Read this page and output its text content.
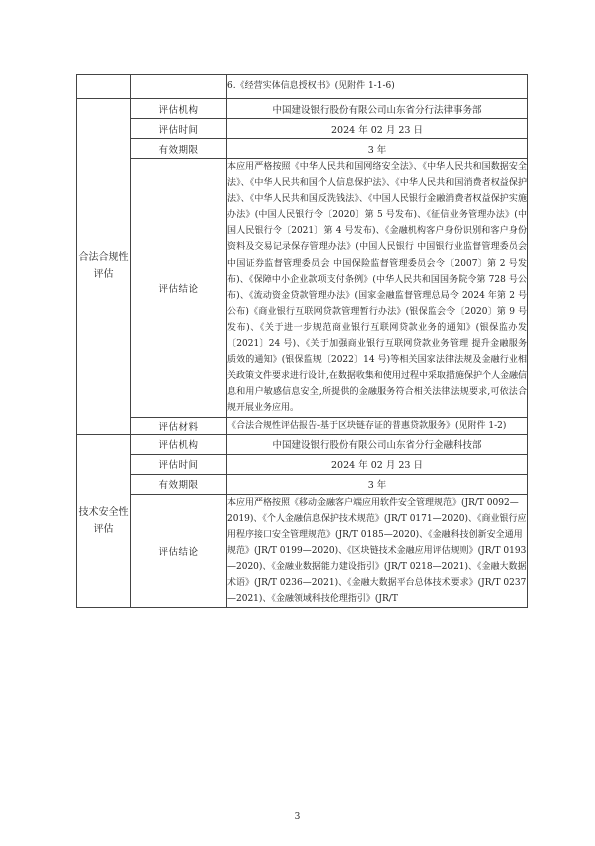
		6.《经营实体信息授权书》(见附件 1-1-6)
合法合规性评估	评估机构	中国建设银行股份有限公司山东省分行法律事务部
	评估时间	2024 年 02 月 23 日
	有效期限	3 年
	评估结论	本应用严格按照《中华人民共和国网络安全法》、《中华人民共和国数据安全法》、《中华人民共和国个人信息保护法》、《中华人民共和国消费者权益保护法》、《中华人民共和国反洗钱法》、《中国人民银行金融消费者权益保护实施办法》(中国人民银行令〔2020〕第 5 号发布)、《征信业务管理办法》(中国人民银行令〔2021〕第 4 号发布)、《金融机构客户身份识别和客户身份资料及交易记录保存管理办法》(中国人民银行 中国银行业监督管理委员会 中国证券监督管理委员会 中国保险监督管理委员会令〔2007〕第 2 号发布)、《保障中小企业款项支付条例》(中华人民共和国国务院令第 728 号公布)、《流动资金贷款管理办法》(国家金融监督管理总局令 2024 年第 2 号公布)《商业银行互联网贷款管理暂行办法》(银保监会令〔2020〕第 9 号发布)、《关于进一步规范商业银行互联网贷款业务的通知》(银保监办发〔2021〕24 号)、《关于加强商业银行互联网贷款业务管理 提升金融服务质效的通知》(银保监规〔2022〕14 号)等相关国家法律法规及金融行业相关政策文件要求进行设计,在数据收集和使用过程中采取措施保护个人金融信息和用户敏感信息安全,所提供的金融服务符合相关法律法规要求,可依法合规开展业务应用。
	评估材料	《合法合规性评估报告-基于区块链存证的普惠贷款服务》(见附件 1-2)
技术安全性评估	评估机构	中国建设银行股份有限公司山东省分行金融科技部
	评估时间	2024 年 02 月 23 日
	有效期限	3 年
	评估结论	本应用严格按照《移动金融客户端应用软件安全管理规范》(JR/T 0092—2019)、《个人金融信息保护技术规范》(JR/T 0171—2020)、《商业银行应用程序接口安全管理规范》(JR/T 0185—2020)、《金融科技创新安全通用规范》(JR/T 0199—2020)、《区块链技术金融应用评估规则》(JR/T 0193—2020)、《金融业数据能力建设指引》(JR/T 0218—2021)、《金融大数据术语》(JR/T 0236—2021)、《金融大数据平台总体技术要求》(JR/T 0237—2021)、《金融领域科技伦理指引》(JR/T
3
